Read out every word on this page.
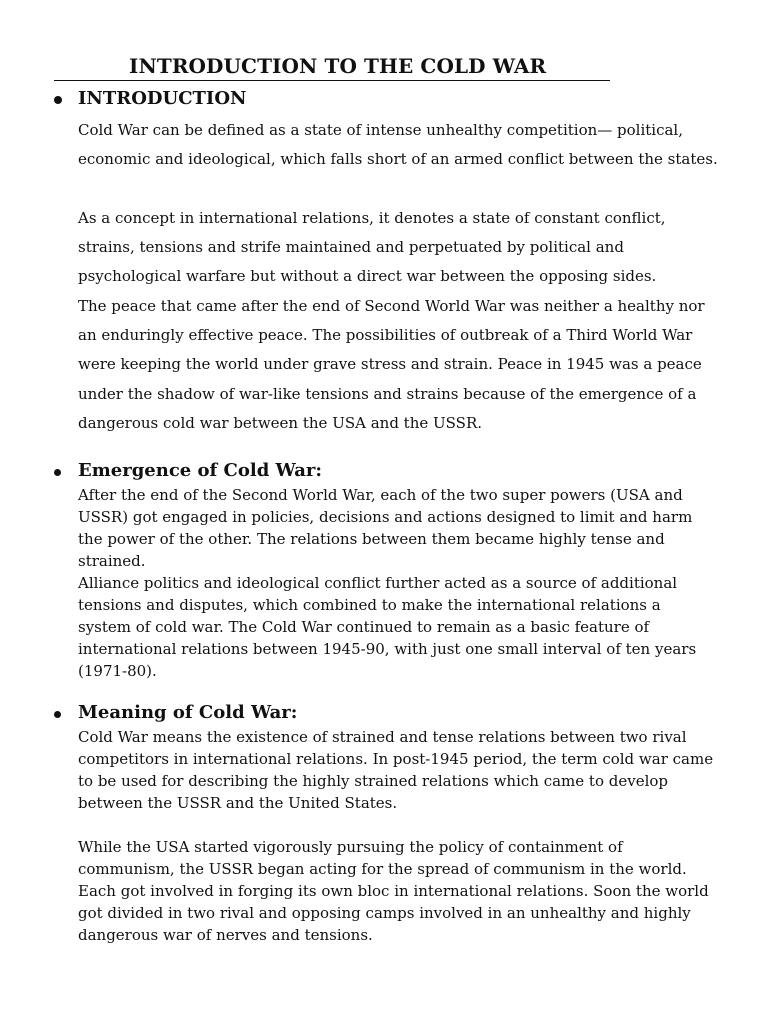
INTRODUCTION TO THE COLD WAR
INTRODUCTION

Cold War can be defined as a state of intense unhealthy competition— political, economic and ideological, which falls short of an armed conflict between the states.

As a concept in international relations, it denotes a state of constant conflict, strains, tensions and strife maintained and perpetuated by political and psychological warfare but without a direct war between the opposing sides.

The peace that came after the end of Second World War was neither a healthy nor an enduringly effective peace. The possibilities of outbreak of a Third World War were keeping the world under grave stress and strain. Peace in 1945 was a peace under the shadow of war-like tensions and strains because of the emergence of a dangerous cold war between the USA and the USSR.

Emergence of Cold War:

After the end of the Second World War, each of the two super powers (USA and USSR) got engaged in policies, decisions and actions designed to limit and harm the power of the other. The relations between them became highly tense and strained.

Alliance politics and ideological conflict further acted as a source of additional tensions and disputes, which combined to make the international relations a system of cold war. The Cold War continued to remain as a basic feature of international relations between 1945-90, with just one small interval of ten years (1971-80).

Meaning of Cold War:

Cold War means the existence of strained and tense relations between two rival competitors in international relations. In post-1945 period, the term cold war came to be used for describing the highly strained relations which came to develop between the USSR and the United States.

While the USA started vigorously pursuing the policy of containment of communism, the USSR began acting for the spread of communism in the world. Each got involved in forging its own bloc in international relations. Soon the world got divided in two rival and opposing camps involved in an unhealthy and highly dangerous war of nerves and tensions.
